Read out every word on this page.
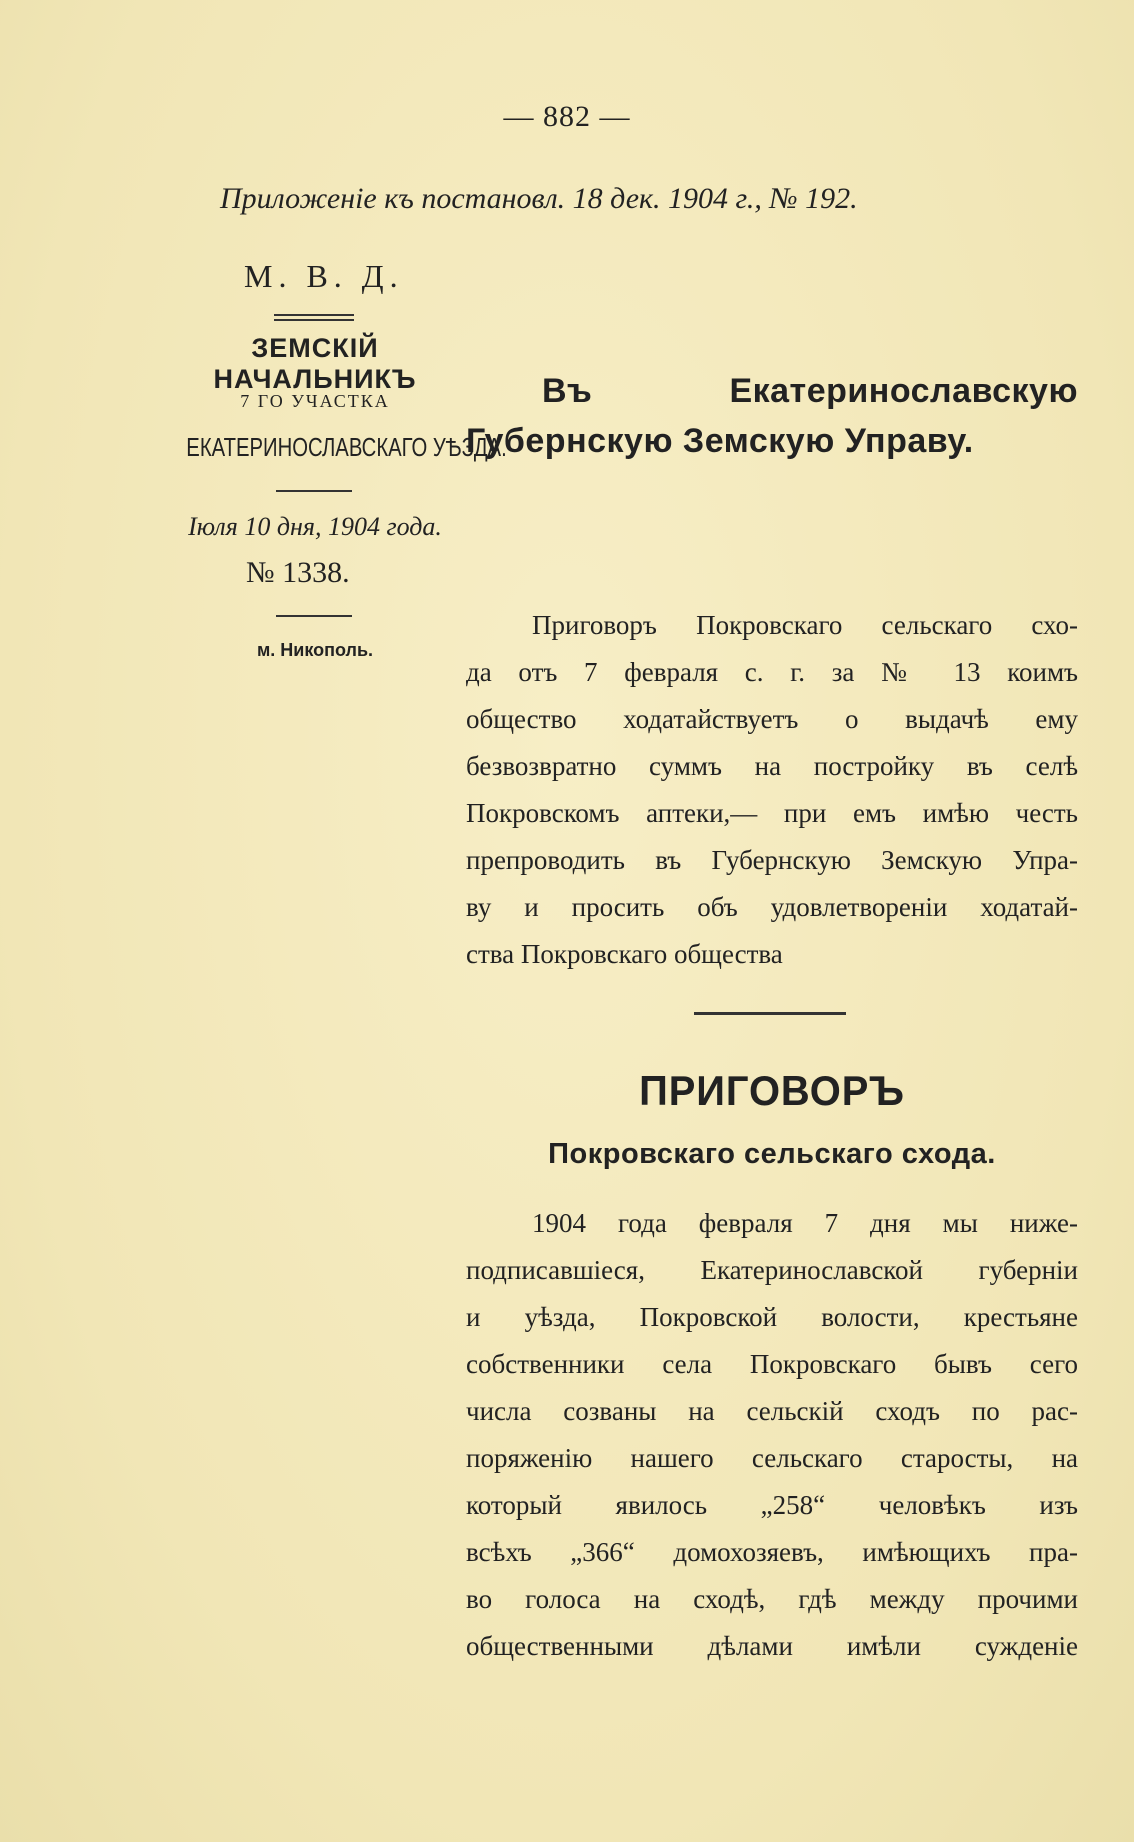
— 882 —
Приложенiе къ постановл. 18 дек. 1904 г., № 192.
М. В. Д.
ЗЕМСКIЙ НАЧАЛЬНИКЪ
7 ГО УЧАСТКА
ЕКАТЕРИНОСЛАВСКАГО УѢЗДА.
Iюля 10 дня, 1904 года.
№ 1338.
м. Никополь.
Въ Екатеринославскую Губернскую Земскую Управу.
Приговоръ Покровскаго сельскаго схо-
да отъ 7 февраля с. г. за № 13 коимъ
общество ходатайствуетъ о выдачѣ ему
безвозвратно суммъ на постройку въ селѣ
Покровскомъ аптеки,— при емъ имѣю честь
препроводить въ Губернскую Земскую Упра-
ву и просить объ удовлетворенiи ходатай-
ства Покровскаго общества
ПРИГОВОРЪ
Покровскаго сельскаго схода.
1904 года февраля 7 дня мы ниже-
подписавшiеся, Екатеринославской губернiи
и уѣзда, Покровской волости, крестьяне
собственники села Покровскаго бывъ сего
числа созваны на сельскiй сходъ по рас-
поряженiю нашего сельскаго старосты, на
который явилось „258“ человѣкъ изъ
всѣхъ „366“ домохозяевъ, имѣющихъ пра-
во голоса на сходѣ, гдѣ между прочими
общественными дѣлами имѣли сужденiе
